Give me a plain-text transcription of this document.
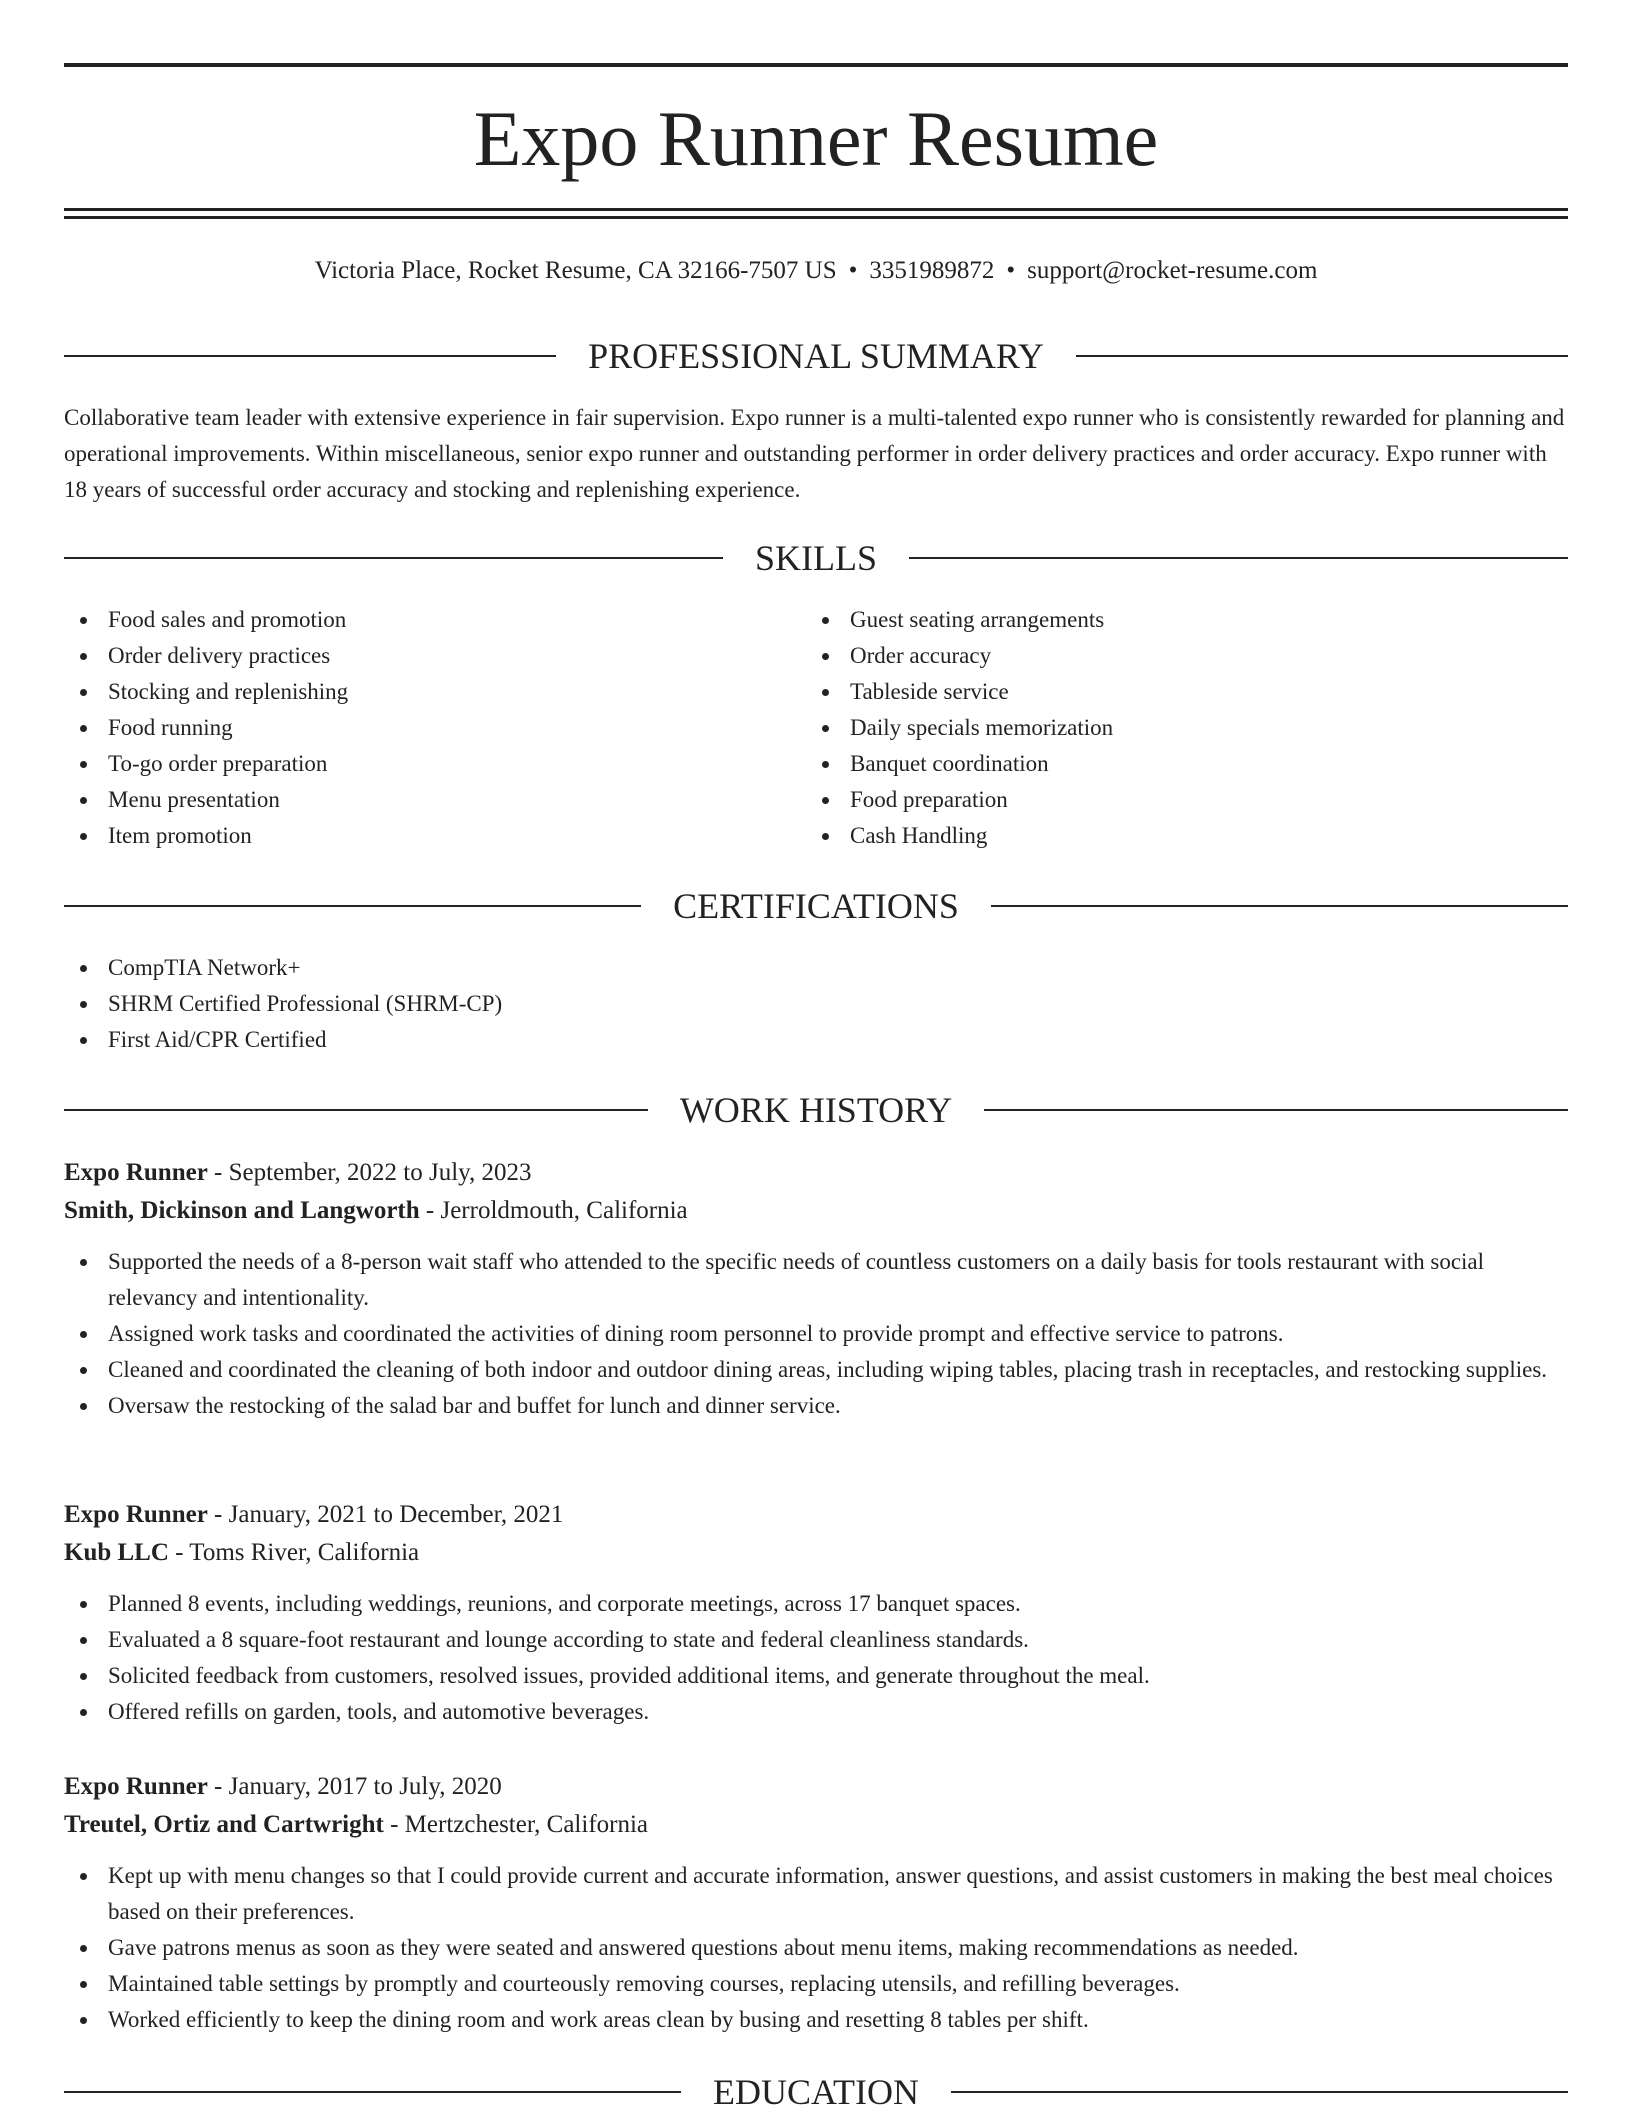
Expo Runner Resume
Victoria Place, Rocket Resume, CA 32166-7507 US • 3351989872 • support@rocket-resume.com
PROFESSIONAL SUMMARY

Collaborative team leader with extensive experience in fair supervision. Expo runner is a multi-talented expo runner who is consistently rewarded for planning and operational improvements. Within miscellaneous, senior expo runner and outstanding performer in order delivery practices and order accuracy. Expo runner with 18 years of successful order accuracy and stocking and replenishing experience.

SKILLS
Food sales and promotion
Order delivery practices
Stocking and replenishing
Food running
To-go order preparation
Menu presentation
Item promotion
Guest seating arrangements
Order accuracy
Tableside service
Daily specials memorization
Banquet coordination
Food preparation
Cash Handling
CERTIFICATIONS
CompTIA Network+
SHRM Certified Professional (SHRM-CP)
First Aid/CPR Certified
WORK HISTORY
Expo Runner - September, 2022 to July, 2023
Smith, Dickinson and Langworth - Jerroldmouth, California
Supported the needs of a 8-person wait staff who attended to the specific needs of countless customers on a daily basis for tools restaurant with social relevancy and intentionality.
Assigned work tasks and coordinated the activities of dining room personnel to provide prompt and effective service to patrons.
Cleaned and coordinated the cleaning of both indoor and outdoor dining areas, including wiping tables, placing trash in receptacles, and restocking supplies.
Oversaw the restocking of the salad bar and buffet for lunch and dinner service.
Expo Runner - January, 2021 to December, 2021
Kub LLC - Toms River, California
Planned 8 events, including weddings, reunions, and corporate meetings, across 17 banquet spaces.
Evaluated a 8 square-foot restaurant and lounge according to state and federal cleanliness standards.
Solicited feedback from customers, resolved issues, provided additional items, and generate throughout the meal.
Offered refills on garden, tools, and automotive beverages.
Expo Runner - January, 2017 to July, 2020
Treutel, Ortiz and Cartwright - Mertzchester, California
Kept up with menu changes so that I could provide current and accurate information, answer questions, and assist customers in making the best meal choices based on their preferences.
Gave patrons menus as soon as they were seated and answered questions about menu items, making recommendations as needed.
Maintained table settings by promptly and courteously removing courses, replacing utensils, and refilling beverages.
Worked efficiently to keep the dining room and work areas clean by busing and resetting 8 tables per shift.
EDUCATION
